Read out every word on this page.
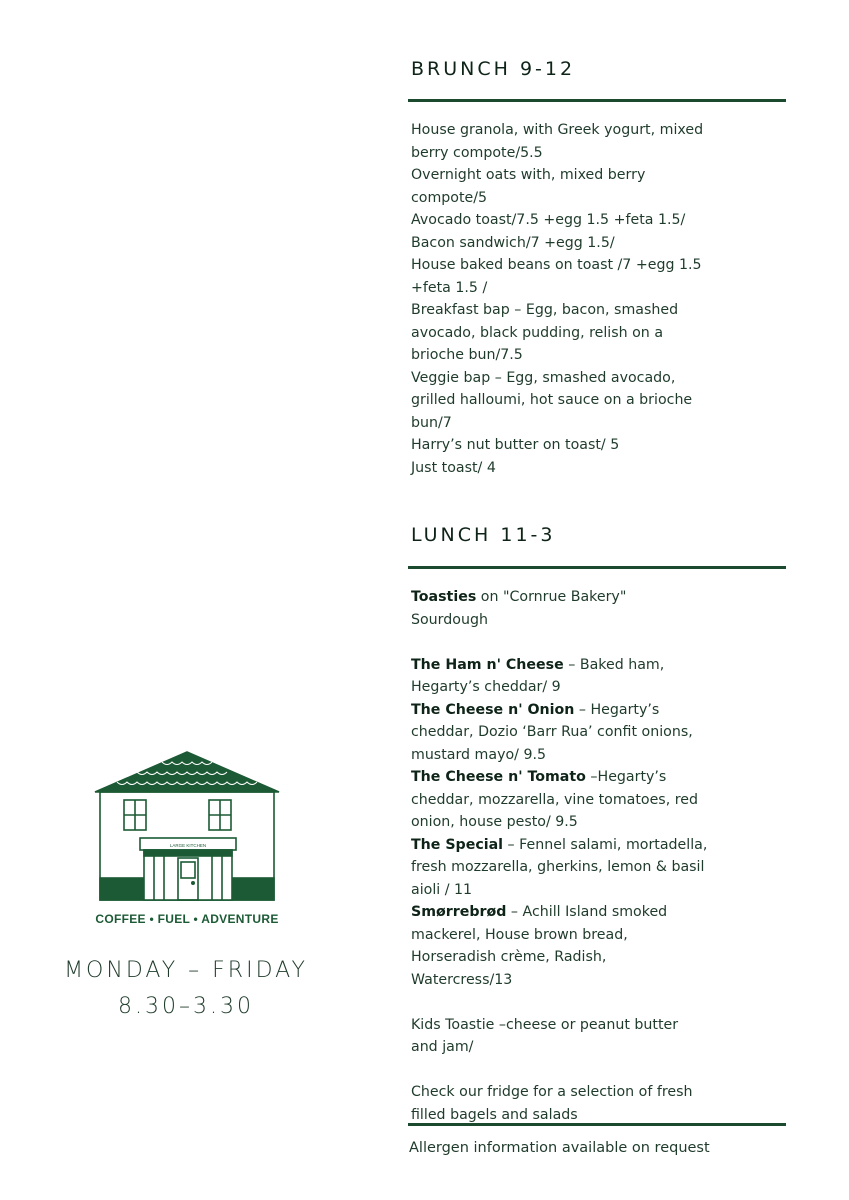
BRUNCH 9-12

House granola, with Greek yogurt, mixed

berry compote/5.5

Overnight oats with, mixed berry

compote/5

Avocado toast/7.5 +egg 1.5 +feta 1.5/

Bacon sandwich/7 +egg 1.5/

House baked beans on toast /7 +egg 1.5

+feta 1.5 /

Breakfast bap – Egg, bacon, smashed

avocado, black pudding, relish on a

brioche bun/7.5

Veggie bap – Egg, smashed avocado,

grilled halloumi, hot sauce on a brioche

bun/7

Harry’s nut butter on toast/ 5

Just toast/ 4

LUNCH 11-3

Toasties on "Cornrue Bakery"

Sourdough

The Ham n' Cheese – Baked ham,

Hegarty’s cheddar/ 9

The Cheese n' Onion – Hegarty’s

cheddar, Dozio ‘Barr Rua’ confit onions,

mustard mayo/ 9.5

The Cheese n' Tomato –Hegarty’s

cheddar, mozzarella, vine tomatoes, red

onion, house pesto/ 9.5

The Special – Fennel salami, mortadella,

fresh mozzarella, gherkins, lemon & basil

aioli / 11

Smørrebrød – Achill Island smoked

mackerel, House brown bread,

Horseradish crème, Radish,

Watercress/13

Kids Toastie –cheese or peanut butter

and jam/

Check our fridge for a selection of fresh

filled bagels and salads

Allergen information available on request
LARGE KITCHEN
COFFEE • FUEL • ADVENTURE
MONDAY – FRIDAY
8.30–3.30
